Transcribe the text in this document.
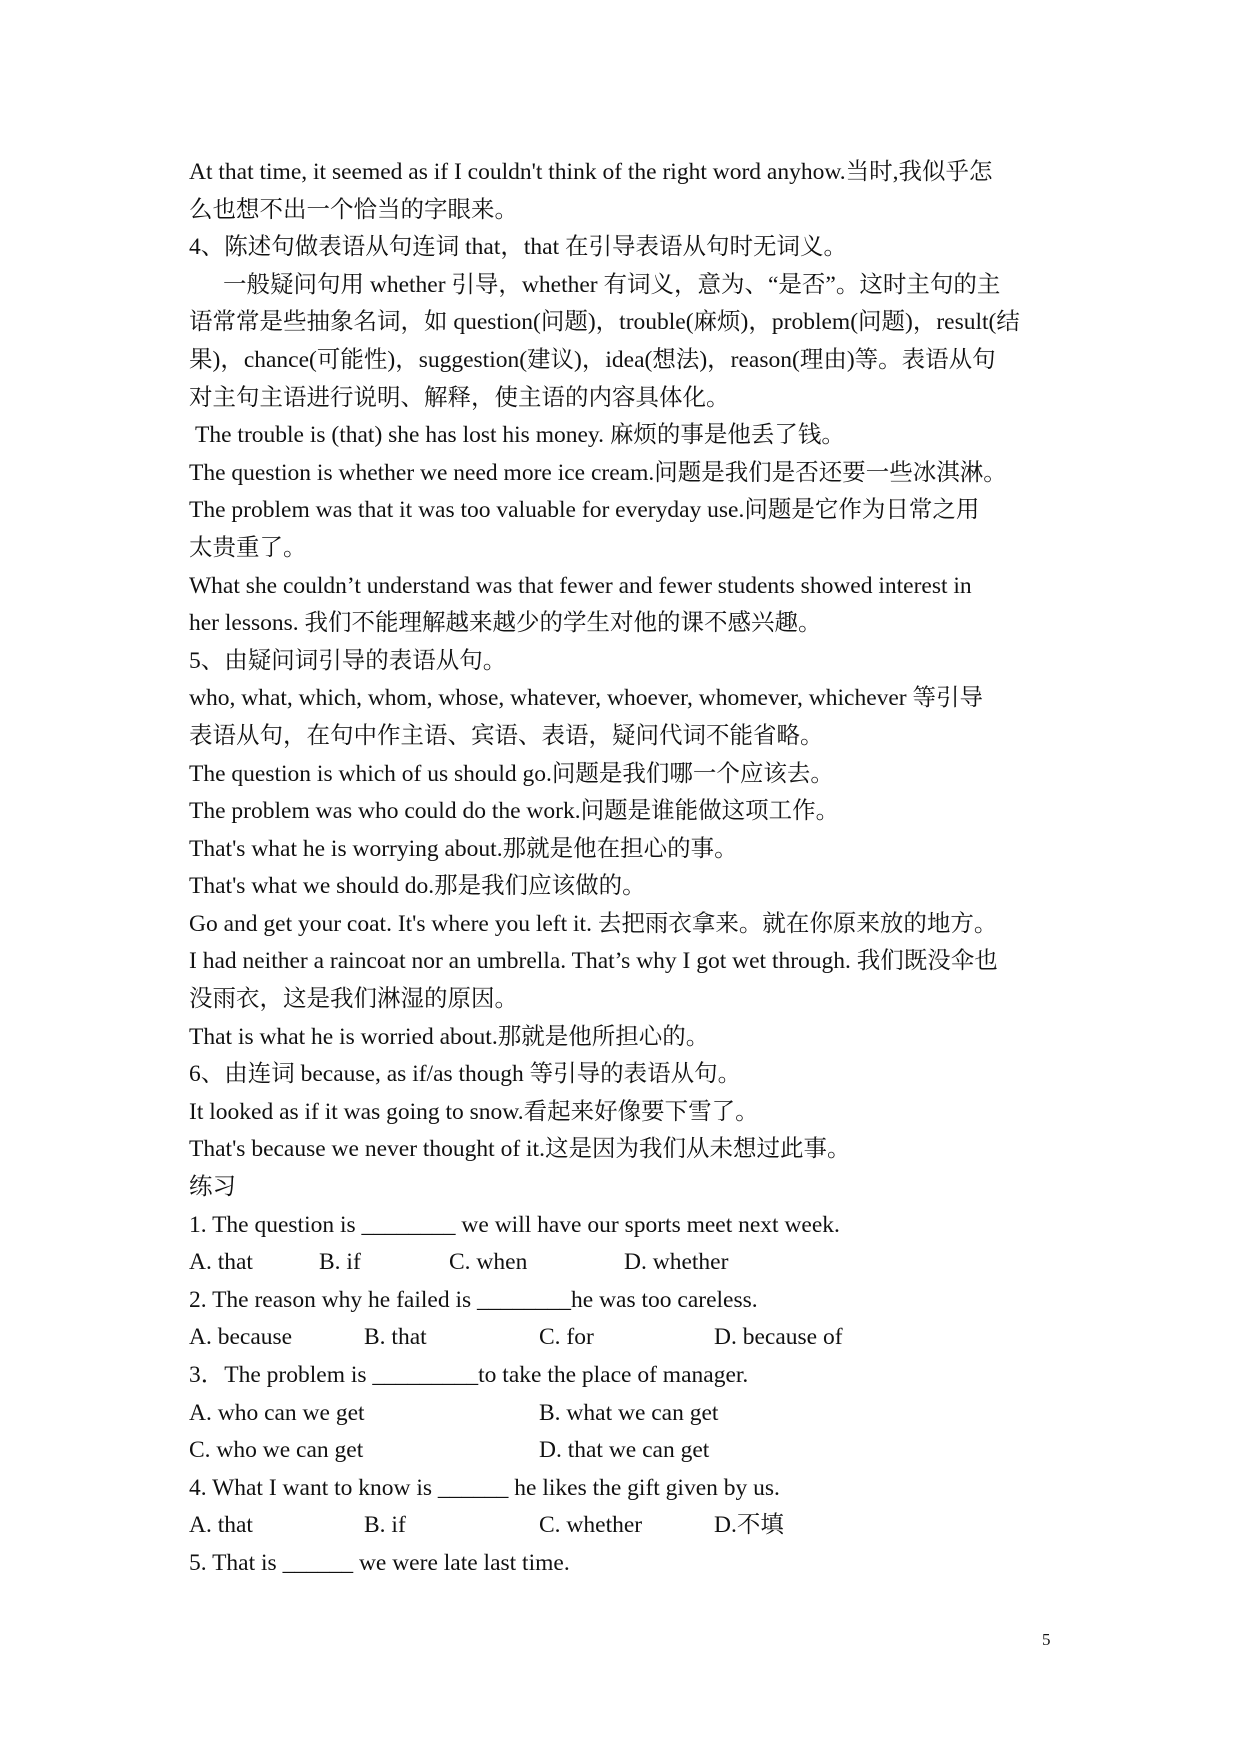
At that time, it seemed as if I couldn't think of the right word anyhow.当时,我似乎怎

么也想不出一个恰当的字眼来。

4、陈述句做表语从句连词 that，that 在引导表语从句时无词义。

一般疑问句用 whether 引导，whether 有词义，意为、“是否”。这时主句的主

语常常是些抽象名词，如 question(问题)，trouble(麻烦)，problem(问题)，result(结

果)，chance(可能性)，suggestion(建议)，idea(想法)，reason(理由)等。表语从句

对主句主语进行说明、解释，使主语的内容具体化。

The trouble is (that) she has lost his money. 麻烦的事是他丢了钱。

The question is whether we need more ice cream.问题是我们是否还要一些冰淇淋。

The problem was that it was too valuable for everyday use.问题是它作为日常之用

太贵重了。

What she couldn’t understand was that fewer and fewer students showed interest in

her lessons. 我们不能理解越来越少的学生对他的课不感兴趣。

5、由疑问词引导的表语从句。

who, what, which, whom, whose, whatever, whoever, whomever, whichever 等引导

表语从句，在句中作主语、宾语、表语，疑问代词不能省略。

The question is which of us should go.问题是我们哪一个应该去。

The problem was who could do the work.问题是谁能做这项工作。

That's what he is worrying about.那就是他在担心的事。

That's what we should do.那是我们应该做的。

Go and get your coat. It's where you left it. 去把雨衣拿来。就在你原来放的地方。

I had neither a raincoat nor an umbrella. That’s why I got wet through. 我们既没伞也

没雨衣，这是我们淋湿的原因。

That is what he is worried about.那就是他所担心的。

6、由连词 because, as if/as though 等引导的表语从句。

It looked as if it was going to snow.看起来好像要下雪了。

That's because we never thought of it.这是因为我们从未想过此事。

练习

1. The question is ________ we will have our sports meet next week.

A. that	B. if	C. when	D. whether

2. The reason why he failed is ________he was too careless.

A. because	B. that	C. for	D. because of

3．The problem is _________to take the place of manager.

A. who can we get	B. what we can get
C. who we can get	D. that we can get

4. What I want to know is ______ he likes the gift given by us.

A. that	B. if	C. whether	D.不填

5. That is ______ we were late last time.

5
